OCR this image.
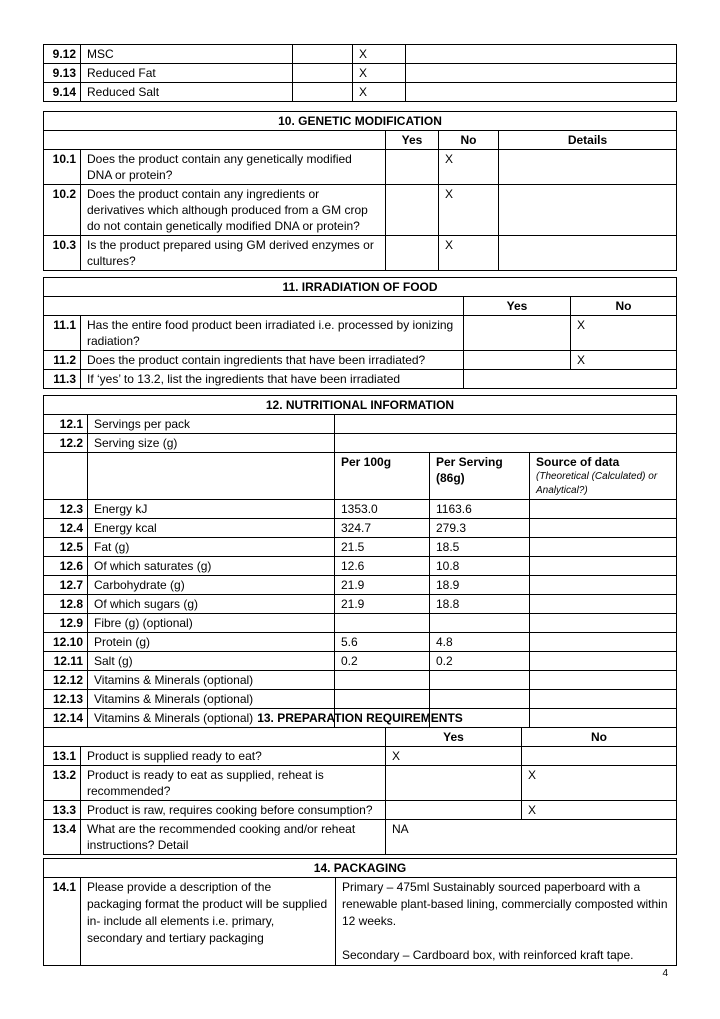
9.12	MSC		X	
9.13	Reduced Fat		X	
9.14	Reduced Salt		X	
10. GENETIC MODIFICATION				
		Yes	No	Details
10.1	Does the product contain any genetically modified DNA or protein?		X	
10.2	Does the product contain any ingredients or derivatives which although produced from a GM crop do not contain genetically modified DNA or protein?		X	
10.3	Is the product prepared using GM derived enzymes or cultures?		X	
11. IRRADIATION OF FOOD			
		Yes	No
11.1	Has the entire food product been irradiated i.e. processed by ionizing radiation?		X
11.2	Does the product contain ingredients that have been irradiated?		X
11.3	If ‘yes’ to 13.2, list the ingredients that have been irradiated		
12. NUTRITIONAL INFORMATION				
12.1	Servings per pack			
12.2	Serving size (g)			
		Per 100g	Per Serving (86g)	Source of data
(Theoretical (Calculated) or Analytical?)

12.3	Energy kJ	1353.0	1163.6	
12.4	Energy kcal	324.7	279.3	
12.5	Fat (g)	21.5	18.5	
12.6	Of which saturates (g)	12.6	10.8	
12.7	Carbohydrate (g)	21.9	18.9	
12.8	Of which sugars (g)	21.9	18.8	
12.9	Fibre (g) (optional)			
12.10	Protein (g)	5.6	4.8	
12.11	Salt (g)	0.2	0.2	
12.12	Vitamins & Minerals (optional)			
12.13	Vitamins & Minerals (optional)			
12.14	Vitamins & Minerals (optional)			13. PREPARATION REQUIREMENTS			
		Yes	No
13.1	Product is supplied ready to eat?	X	
13.2	Product is ready to eat as supplied, reheat is recommended?		X
13.3	Product is raw, requires cooking before consumption?		X
13.4	What are the recommended cooking and/or reheat instructions? Detail	NA	
14. PACKAGING
14.1	Please provide a description of the packaging format the product will be supplied in- include all elements i.e. primary, secondary and tertiary packaging	

Primary – 475ml Sustainably sourced paperboard with a renewable plant-based lining, commercially composted within 12 weeks.

Secondary – Cardboard box, with reinforced kraft tape.

4
